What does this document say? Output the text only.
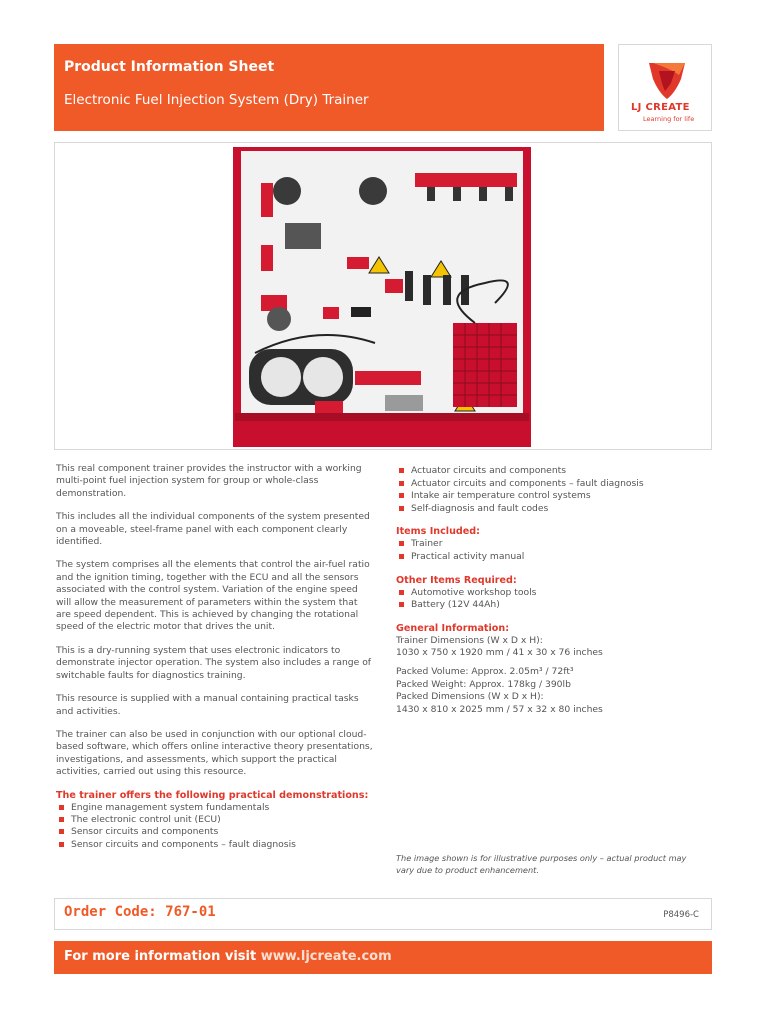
Product Information Sheet
Electronic Fuel Injection System (Dry) Trainer	LJ CREATE
Learning for life

This real component trainer provides the instructor with a working multi-point fuel injection system for group or whole-class demonstration.

This includes all the individual components of the system presented on a moveable, steel-frame panel with each component clearly identified.

The system comprises all the elements that control the air-fuel ratio and the ignition timing, together with the ECU and all the sensors associated with the control system. Variation of the engine speed will allow the measurement of parameters within the system that are speed dependent. This is achieved by changing the rotational speed of the electric motor that drives the unit.

This is a dry-running system that uses electronic indicators to demonstrate injector operation. The system also includes a range of switchable faults for diagnostics training.

This resource is supplied with a manual containing practical tasks and activities.

The trainer can also be used in conjunction with our optional cloud-based software, which offers online interactive theory presentations, investigations, and assessments, which support the practical activities, carried out using this resource.

The trainer offers the following practical demonstrations:
Engine management system fundamentals
The electronic control unit (ECU)
Sensor circuits and components
Sensor circuits and components – fault diagnosis
Actuator circuits and components
Actuator circuits and components – fault diagnosis
Intake air temperature control systems
Self-diagnosis and fault codes
Items Included:
Trainer
Practical activity manual
Other Items Required:
Automotive workshop tools
Battery (12V 44Ah)
General Information:

Trainer Dimensions (W x D x H):

1030 x 750 x 1920 mm / 41 x 30 x 76 inches

Packed Volume: Approx. 2.05m³ / 72ft³

Packed Weight: Approx. 178kg / 390lb

Packed Dimensions (W x D x H):

1430 x 810 x 2025 mm / 57 x 32 x 80 inches

The image shown is for illustrative purposes only – actual product may vary due to product enhancement.
Order Code: 767-01	P8496-C
For more information visit www.ljcreate.com
